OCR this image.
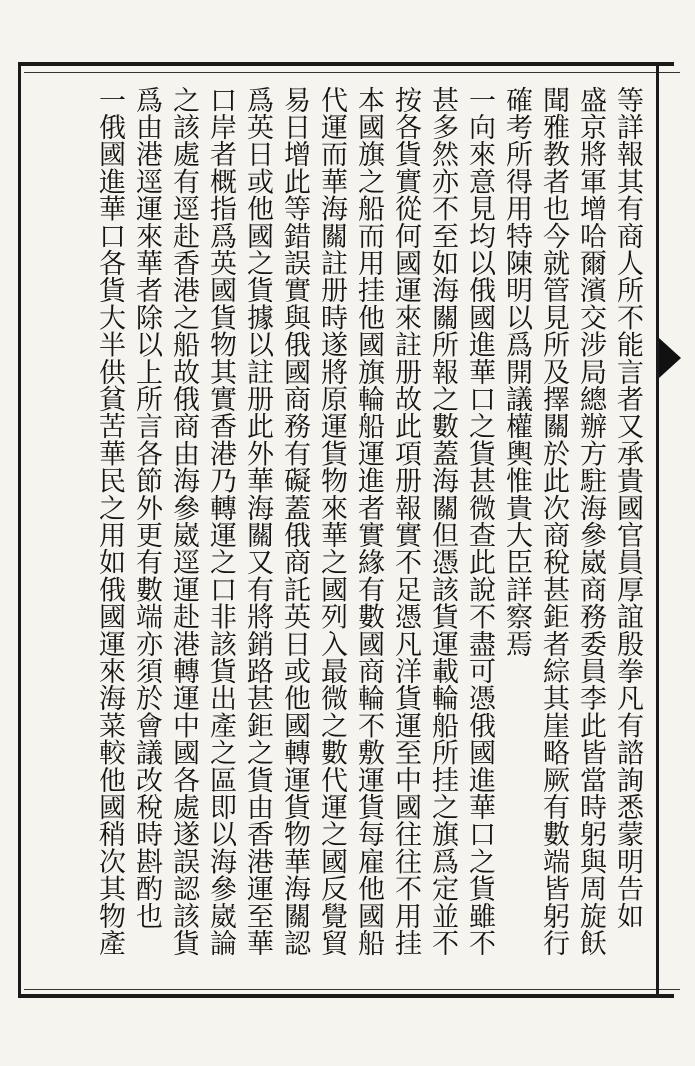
等詳報其有商人所不能言者又承貴國官員厚誼殷拳凡有諮詢悉蒙明告如
盛京將軍增哈爾濱交涉局總辦方駐海參崴商務委員李此皆當時躬與周旋飫
聞雅教者也今就管見所及擇關於此次商稅甚鉅者綜其崖略厥有數端皆躬行
確考所得用特陳明以爲開議權輿惟貴大臣詳察焉
一向來意見均以俄國進華口之貨甚微查此說不盡可憑俄國進華口之貨雖不
甚多然亦不至如海關所報之數蓋海關但憑該貨運載輪船所挂之旗爲定並不
按各貨實從何國運來註册故此項册報實不足憑凡洋貨運至中國往往不用挂
本國旗之船而用挂他國旗輪船運進者實緣有數國商輪不敷運貨每雇他國船
代運而華海關註册時遂將原運貨物來華之國列入最微之數代運之國反覺貿
易日增此等錯誤實與俄國商務有礙蓋俄商託英日或他國轉運貨物華海關認
爲英日或他國之貨據以註册此外華海關又有將銷路甚鉅之貨由香港運至華
口岸者概指爲英國貨物其實香港乃轉運之口非該貨出產之區即以海參崴論
之該處有逕赴香港之船故俄商由海參崴逕運赴港轉運中國各處遂誤認該貨
爲由港逕運來華者除以上所言各節外更有數端亦須於會議改稅時斟酌也
一俄國進華口各貨大半供貧苦華民之用如俄國運來海菜較他國稍次其物產
